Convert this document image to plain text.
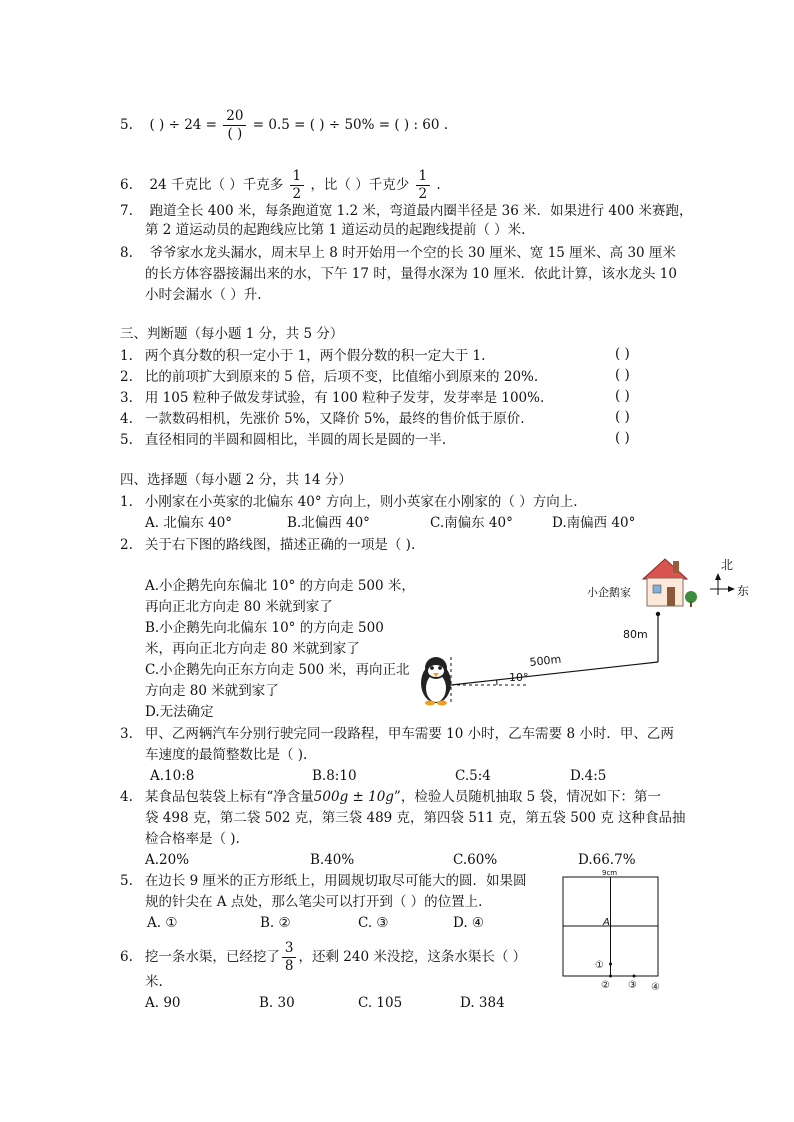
5. ( ) ÷ $24 = \frac{20}{( )} = 0.5$ = ( ) ÷ 50% = ( ) : 60 .
6. 24 千克比（ ）千克多 $\frac{1}{2}$ ，比（ ）千克少 $\frac{1}{2}$ .
7. 跑道全长 400 米，每条跑道宽 1.2 米，弯道最内圈半径是 36 米．如果进行 400 米赛跑，
第 2 道运动员的起跑线应比第 1 道运动员的起跑线提前（ ）米.
8. 爷爷家水龙头漏水，周末早上 8 时开始用一个空的长 30 厘米、宽 15 厘米、高 30 厘米
的长方体容器接漏出来的水，下午 17 时，量得水深为 10 厘米．依此计算，该水龙头 10
小时会漏水（ ）升.
三、判断题（每小题 1 分，共 5 分）
1. 两个真分数的积一定小于 1，两个假分数的积一定大于 1.	( )
2. 比的前项扩大到原来的 5 倍，后项不变，比值缩小到原来的 20%.	( )
3. 用 105 粒种子做发芽试验，有 100 粒种子发芽，发芽率是 100%.	( )
4. 一款数码相机，先涨价 5%，又降价 5%，最终的售价低于原价.	( )
5. 直径相同的半圆和圆相比，半圆的周长是圆的一半.	( )
四、选择题（每小题 2 分，共 14 分）
1. 小刚家在小英家的北偏东 40° 方向上，则小英家在小刚家的（ ）方向上.
A. 北偏东 40°	B.北偏西 40°	C.南偏东 40°	D.南偏西 40°
2. 关于右下图的路线图，描述正确的一项是（ ).
A.小企鹅先向东偏北 10° 的方向走 500 米，
再向正北方向走 80 米就到家了
B.小企鹅先向北偏东 10° 的方向走 500
米，再向正北方向走 80 米就到家了
C.小企鹅先向正东方向走 500 米，再向正北
方向走 80 米就到家了
D.无法确定
北
东
小企鹅家
80m
500m
10°
3. 甲、乙两辆汽车分别行驶完同一段路程，甲车需要 10 小时，乙车需要 8 小时．甲、乙两
车速度的最简整数比是（ ).
A.10:8	B.8:10	C.5:4	D.4:5
4. 某食品包装袋上标有“净含量500g ± 10g”，检验人员随机抽取 5 袋，情况如下：第一
袋 498 克，第二袋 502 克，第三袋 489 克，第四袋 511 克，第五袋 500 克 这种食品抽
检合格率是（ ).
A.20%	B.40%	C.60%	D.66.7%
5. 在边长 9 厘米的正方形纸上，用圆规切取尽可能大的圆．如果圆
规的针尖在 A 点处，那么笔尖可以打开到（ ）的位置上.
A. ①	B. ②	C. ③	D. ④
9cm
A
①
② ③ ④
6. 挖一条水渠，已经挖了 $\frac{3}{8}$ ，还剩 240 米没挖，这条水渠长（ ）
米.
A. 90	B. 30	C. 105	D. 384
